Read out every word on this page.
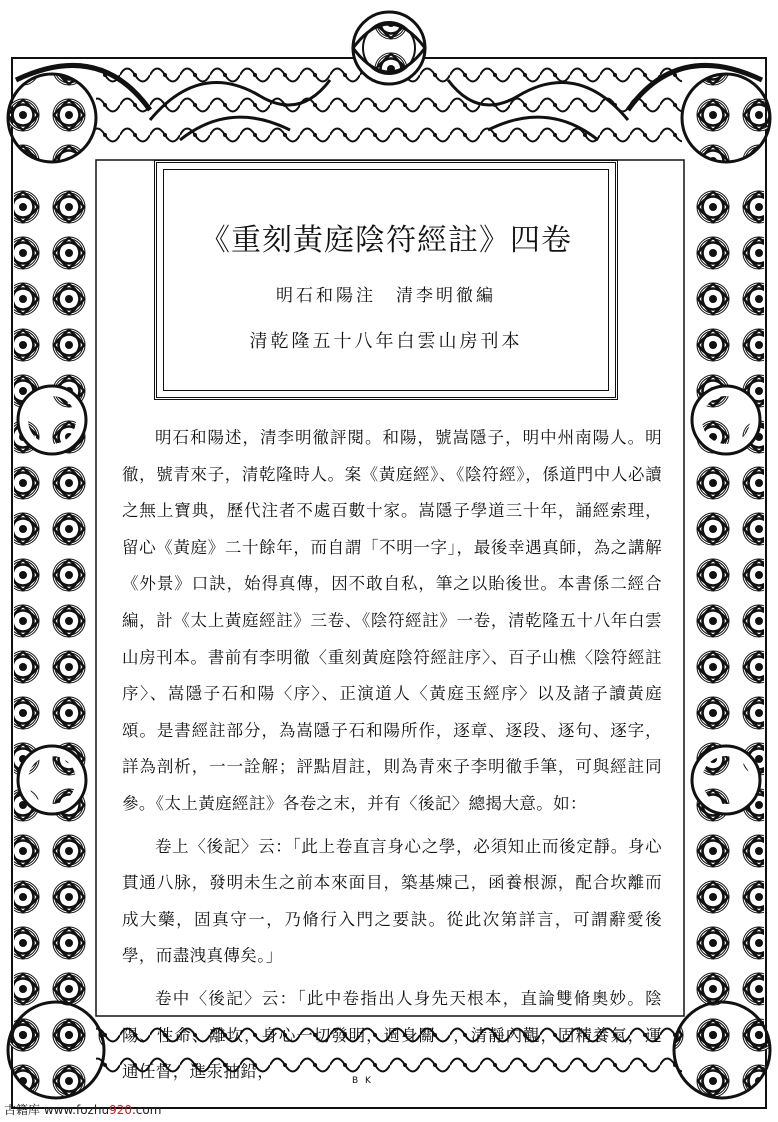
《重刻黃庭陰符經註》四卷
明石和陽注　清李明徹編
清乾隆五十八年白雲山房刊本

明石和陽述，清李明徹評閱。和陽，號嵩隱子，明中州南陽人。明徹，號青來子，清乾隆時人。案《黃庭經》、《陰符經》，係道門中人必讀之無上寶典，歷代注者不處百數十家。嵩隱子學道三十年，誦經索理，留心《黃庭》二十餘年，而自謂「不明一字」，最後幸遇真師，為之講解《外景》口訣，始得真傳，因不敢自私，筆之以貽後世。本書係二經合編，計《太上黃庭經註》三卷、《陰符經註》一卷，清乾隆五十八年白雲山房刊本。書前有李明徹〈重刻黃庭陰符經註序〉、百子山樵〈陰符經註序〉、嵩隱子石和陽〈序〉、正演道人〈黃庭玉經序〉以及諸子讀黃庭頌。是書經註部分，為嵩隱子石和陽所作，逐章、逐段、逐句、逐字，詳為剖析，一一詮解；評點眉註，則為青來子李明徹手筆，可與經註同參。《太上黃庭經註》各卷之末，并有〈後記〉總揭大意。如：

卷上〈後記〉云：「此上卷直言身心之學，必須知止而後定靜。身心貫通八脉，發明未生之前本來面目，築基煉己，函養根源，配合坎離而成大藥，固真守一，乃脩行入門之要訣。從此次第詳言，可謂辭愛後學，而盡洩真傳矣。」

卷中〈後記〉云：「此中卷指出人身先天根本，直論雙脩奧妙。陰陽、性命、離坎，身心一切發明，週身關　，清靜內觀，固精養氣，運通任督，進汞抽鉛，	B K
古籍库 www.fozhu920.com
